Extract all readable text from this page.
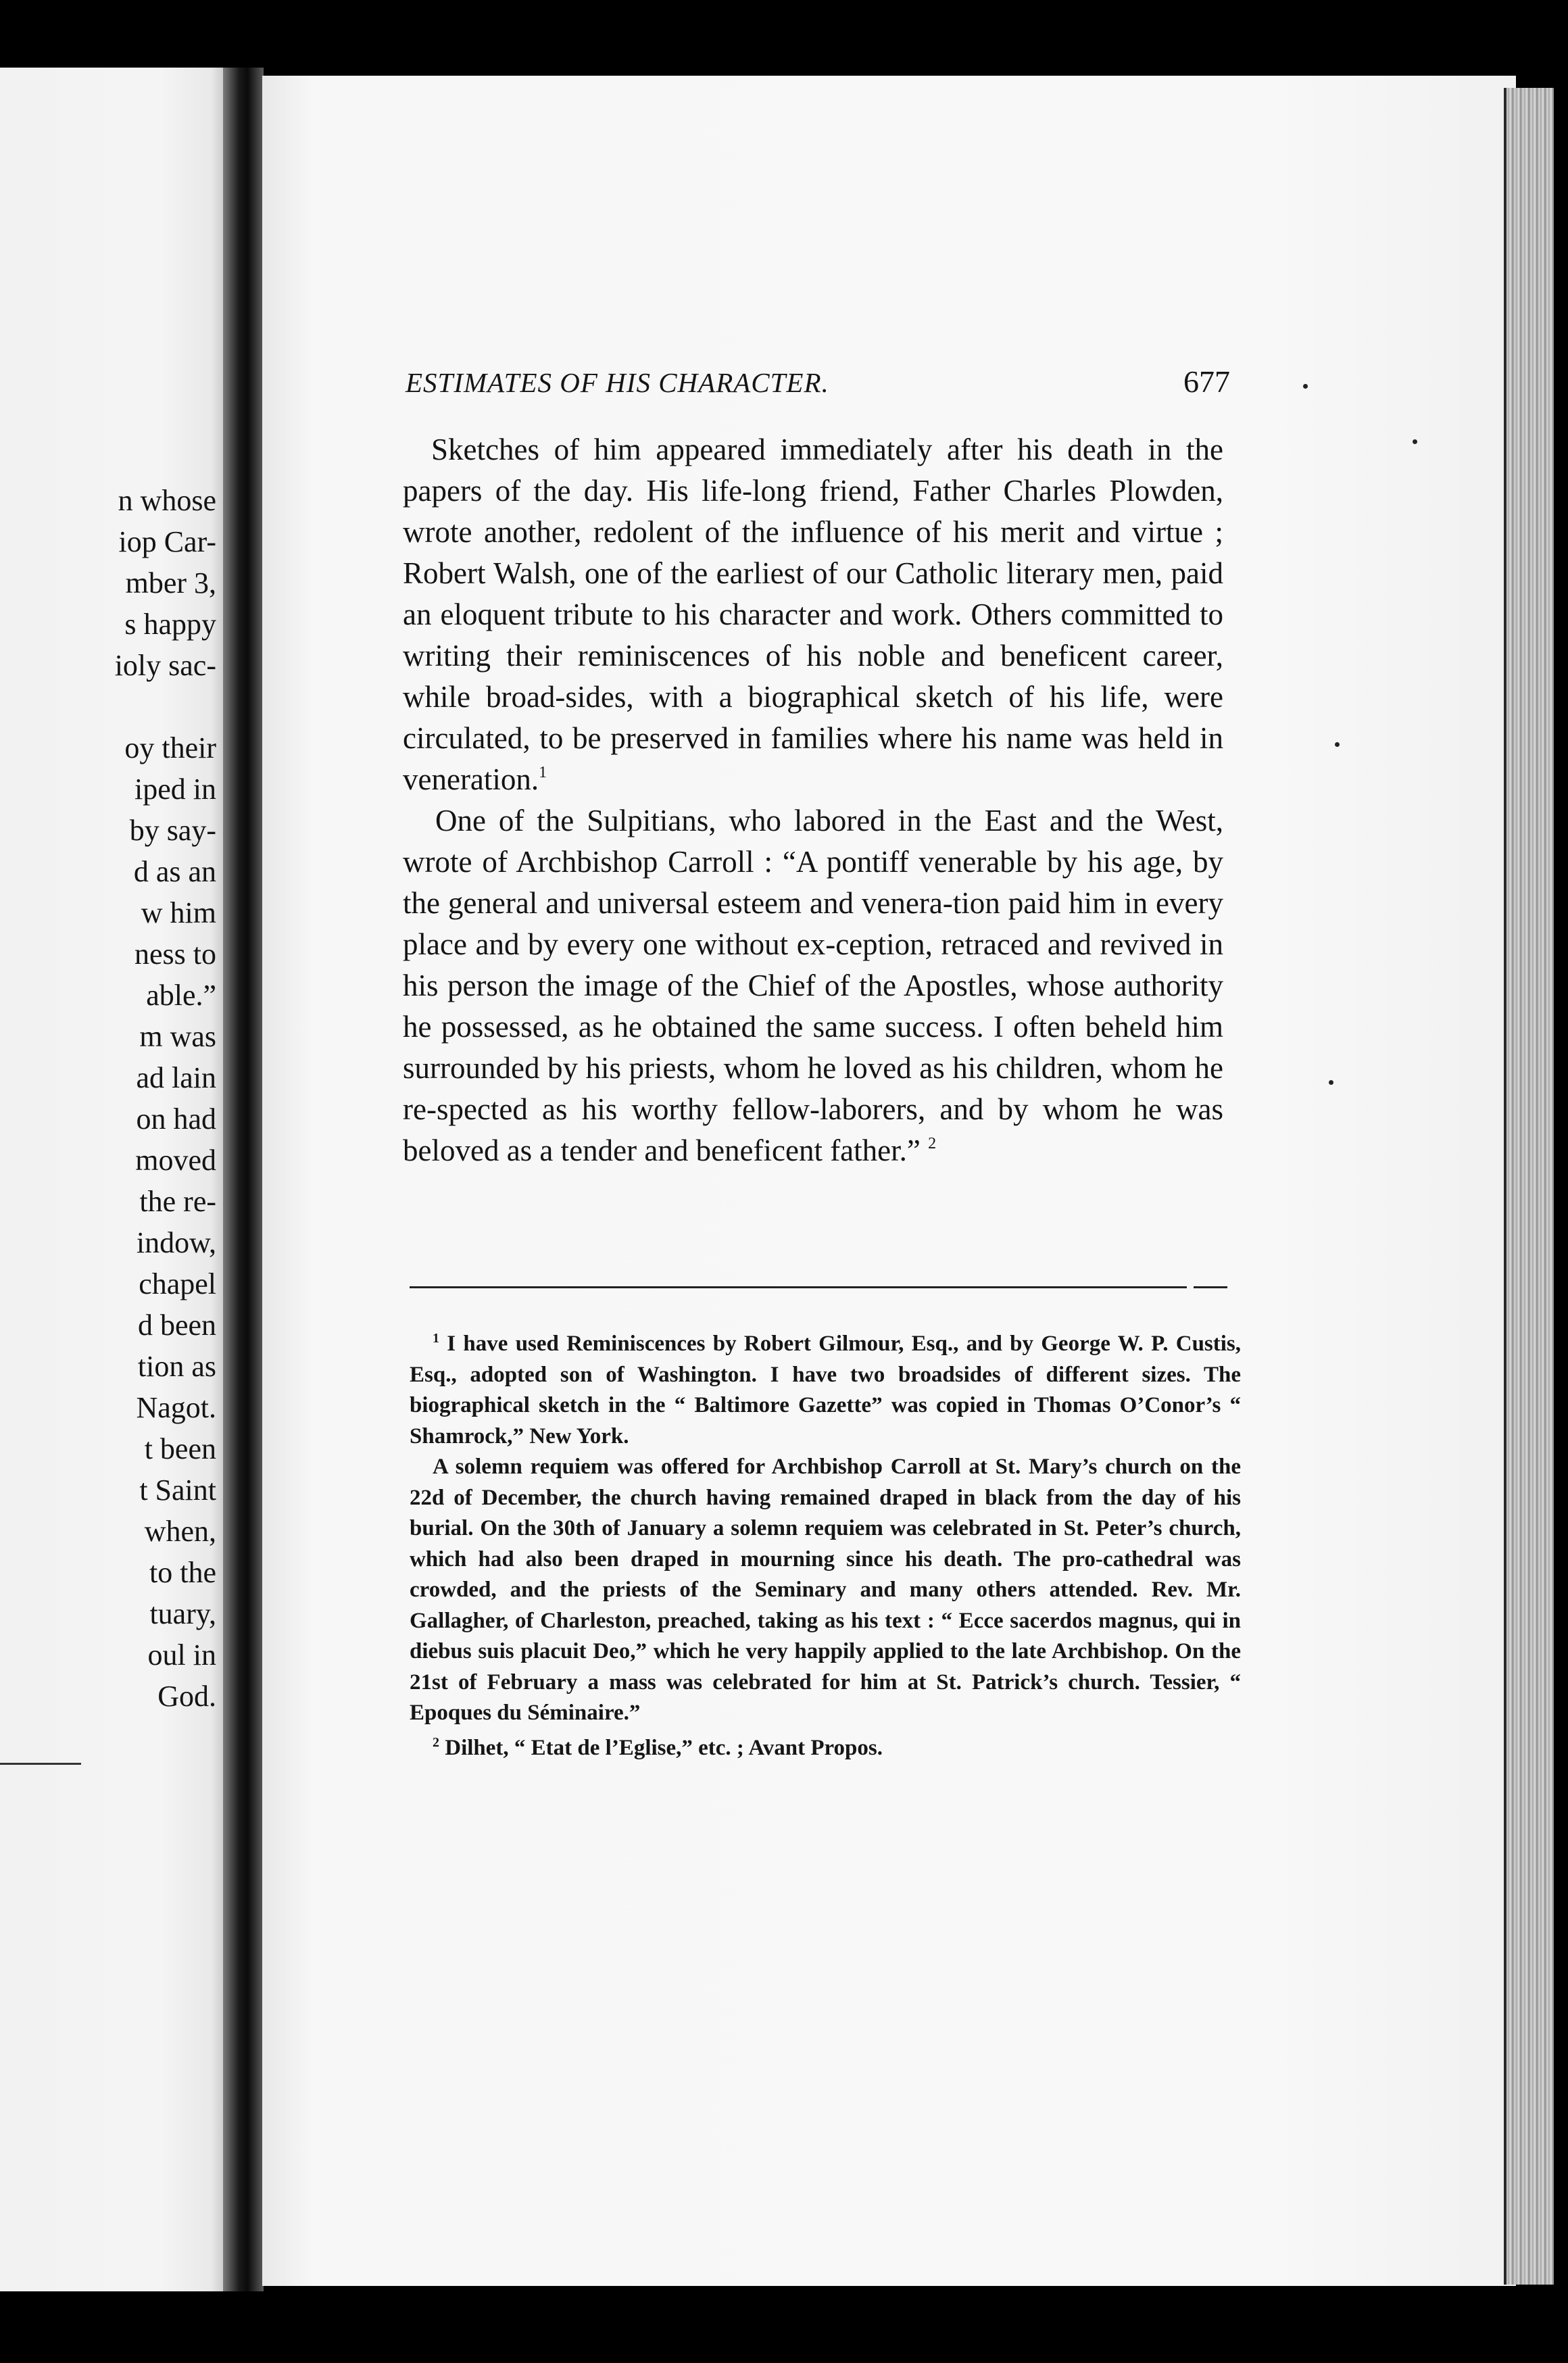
n whose
iop Car-
mber 3,
s happy
ioly sac-
oy their
iped in
by say-
d as an
w him
ness to
able.”
m was
ad lain
on had
moved
the re-
indow,
chapel
d been
tion as
Nagot.
t been
t Saint
when,
to the
tuary,
oul in
God.
ESTIMATES OF HIS CHARACTER.	677

Sketches of him appeared immediately after his death in the papers of the day. His life-long friend, Father Charles Plowden, wrote another, redolent of the influence of his merit and virtue ; Robert Walsh, one of the earliest of our Catholic literary men, paid an eloquent tribute to his character and work. Others committed to writing their reminiscences of his noble and beneficent career, while broad-sides, with a biographical sketch of his life, were circulated, to be preserved in families where his name was held in veneration.$^1$

One of the Sulpitians, who labored in the East and the West, wrote of Archbishop Carroll : “A pontiff venerable by his age, by the general and universal esteem and venera-tion paid him in every place and by every one without ex-ception, retraced and revived in his person the image of the Chief of the Apostles, whose authority he possessed, as he obtained the same success. I often beheld him surrounded by his priests, whom he loved as his children, whom he re-spected as his worthy fellow-laborers, and by whom he was beloved as a tender and beneficent father.” $^2$

$^1$ I have used Reminiscences by Robert Gilmour, Esq., and by George W. P. Custis, Esq., adopted son of Washington. I have two broadsides of different sizes. The biographical sketch in the “ Baltimore Gazette” was copied in Thomas O’Conor’s “ Shamrock,” New York.

A solemn requiem was offered for Archbishop Carroll at St. Mary’s church on the 22d of December, the church having remained draped in black from the day of his burial. On the 30th of January a solemn requiem was celebrated in St. Peter’s church, which had also been draped in mourning since his death. The pro-cathedral was crowded, and the priests of the Seminary and many others attended. Rev. Mr. Gallagher, of Charleston, preached, taking as his text : “ Ecce sacerdos magnus, qui in diebus suis placuit Deo,” which he very happily applied to the late Archbishop. On the 21st of February a mass was celebrated for him at St. Patrick’s church. Tessier, “ Epoques du Séminaire.”

$^2$ Dilhet, “ Etat de l’Eglise,” etc. ; Avant Propos.
